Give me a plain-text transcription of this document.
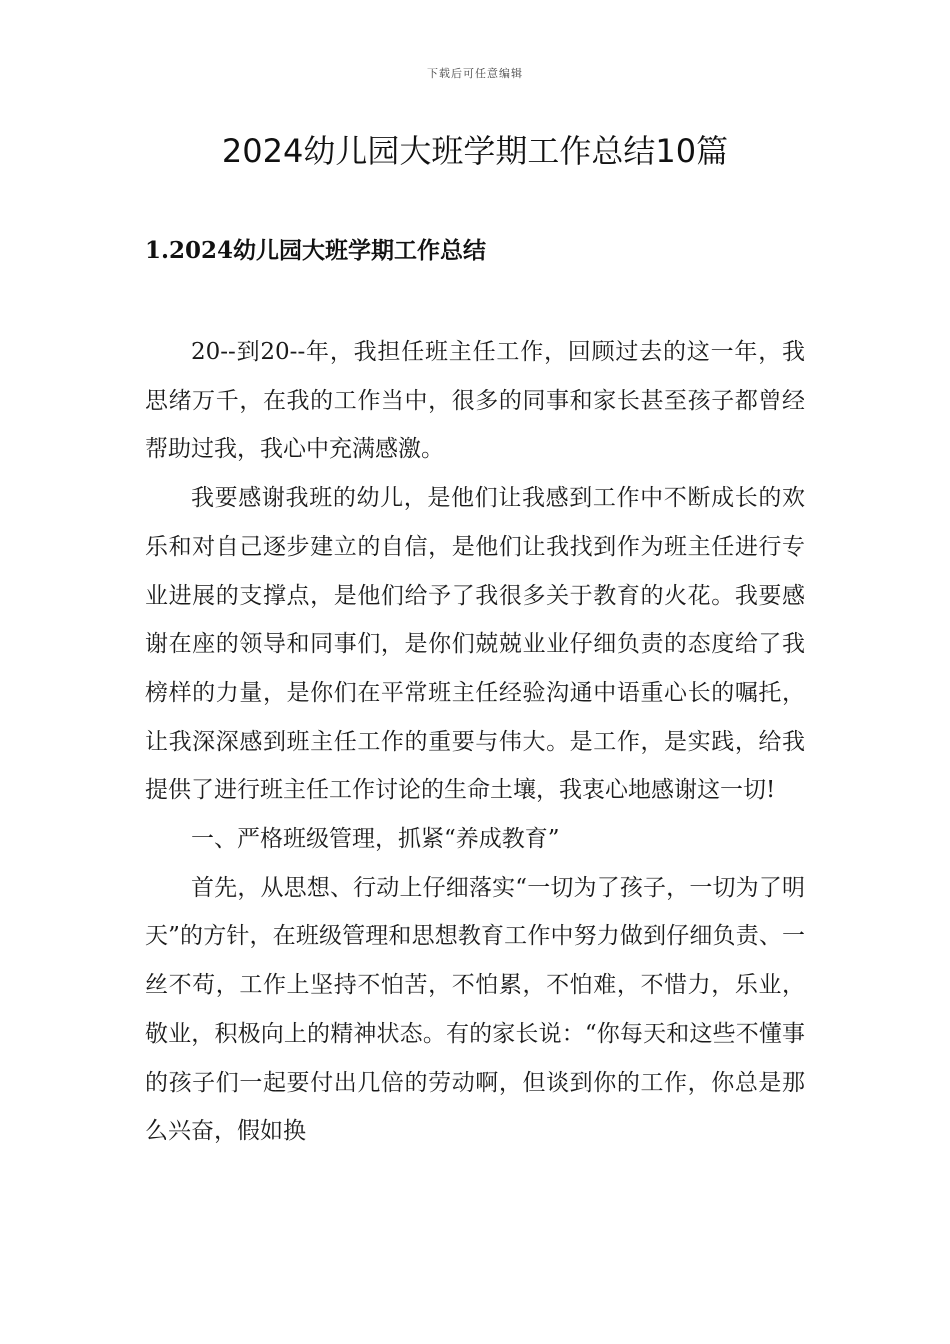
下载后可任意编辑
2024幼儿园大班学期工作总结10篇
1.2024幼儿园大班学期工作总结

20--到20--年，我担任班主任工作，回顾过去的这一年，我思绪万千，在我的工作当中，很多的同事和家长甚至孩子都曾经帮助过我，我心中充满感激。

我要感谢我班的幼儿，是他们让我感到工作中不断成长的欢乐和对自己逐步建立的自信，是他们让我找到作为班主任进行专业进展的支撑点，是他们给予了我很多关于教育的火花。我要感谢在座的领导和同事们，是你们兢兢业业仔细负责的态度给了我榜样的力量，是你们在平常班主任经验沟通中语重心长的嘱托，让我深深感到班主任工作的重要与伟大。是工作，是实践，给我提供了进行班主任工作讨论的生命土壤，我衷心地感谢这一切!

一、严格班级管理，抓紧“养成教育”

首先，从思想、行动上仔细落实“一切为了孩子，一切为了明天”的方针，在班级管理和思想教育工作中努力做到仔细负责、一丝不苟，工作上坚持不怕苦，不怕累，不怕难，不惜力，乐业，敬业，积极向上的精神状态。有的家长说：“你每天和这些不懂事的孩子们一起要付出几倍的劳动啊，但谈到你的工作，你总是那么兴奋，假如换
